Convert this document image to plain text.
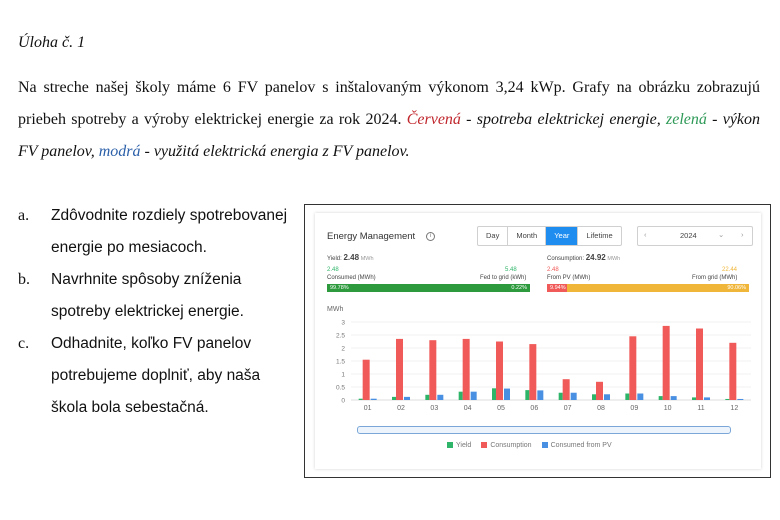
Úloha č. 1
Na streche našej školy máme 6 FV panelov s inštalovaným výkonom 3,24 kWp. Grafy na obrázku zobrazujú priebeh spotreby a výroby elektrickej energie za rok 2024. Červená - spotreba elektrickej energie, zelená - výkon FV panelov, modrá - využitá elektrická energia z FV panelov.
a.	Zdôvodnite rozdiely spotrebovanej energie po mesiacoch.
b.	Navrhnite spôsoby zníženia spotreby elektrickej energie.
c.	Odhadnite, koľko FV panelov potrebujeme doplniť, aby naša škola bola sebestačná.
Energy Management	i	Day	Month	Year	Lifetime	‹	2024	⌄ ›
Yield: 2.48 MWh
2.48
Consumed (MWh)
5.48
Fed to grid (kWh)
99.78%	0.22%
Consumption: 24.92 MWh
2.48
From PV (MWh)
22.44
From grid (MWh)
9.94%	90.06%
MWh
0
0.5
1
1.5
2
2.5
3
01	02	03	04	05	06	07	08	09	10	11	12
Yield	Consumption	Consumed from PV
